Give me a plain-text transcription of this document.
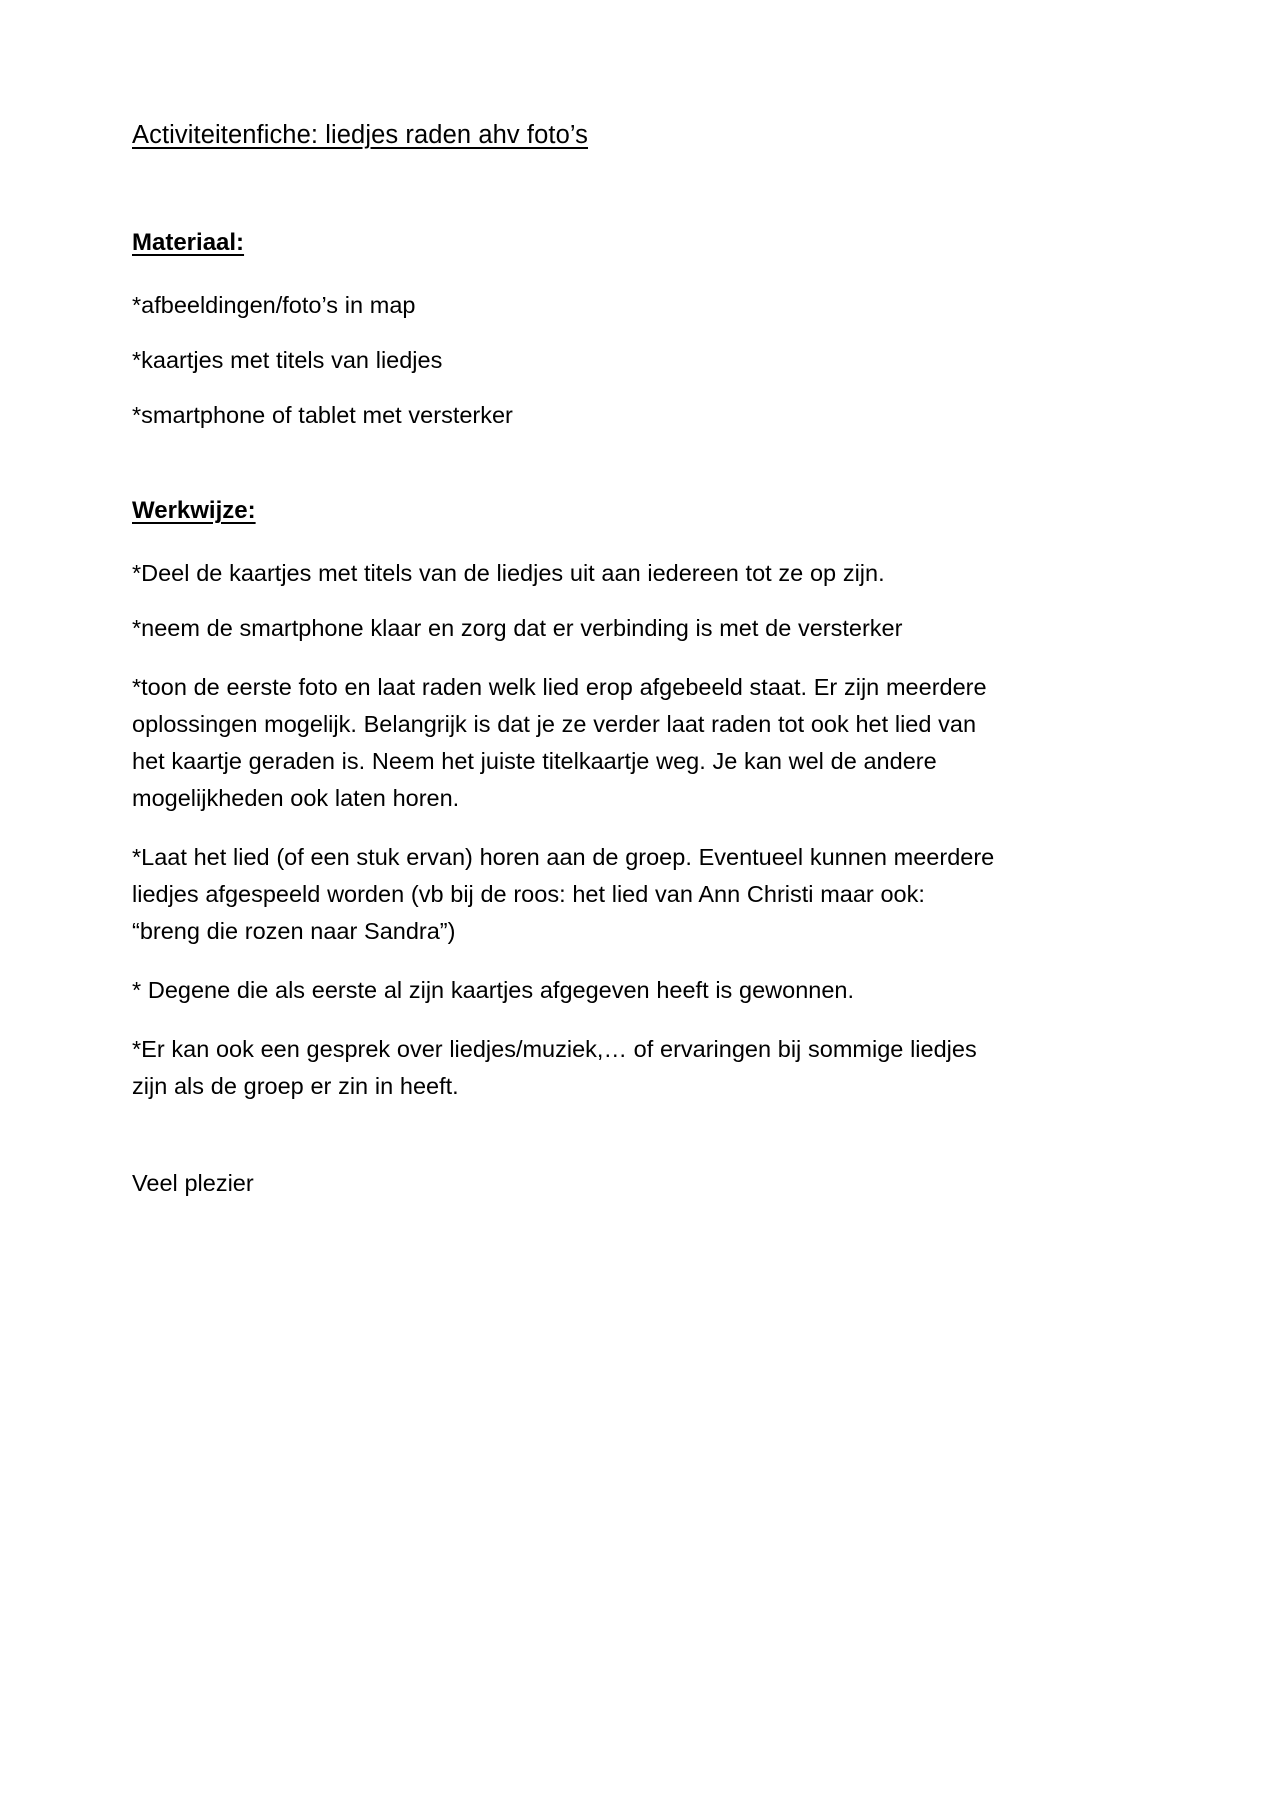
Activiteitenfiche: liedjes raden ahv foto’s

Materiaal:

*afbeeldingen/foto’s in map

*kaartjes met titels van liedjes

*smartphone of tablet met versterker

Werkwijze:

*Deel de kaartjes met titels van de liedjes uit aan iedereen tot ze op zijn.

*neem de smartphone klaar en zorg dat er verbinding is met de versterker

*toon de eerste foto en laat raden welk lied erop afgebeeld staat. Er zijn meerdere oplossingen mogelijk. Belangrijk is dat je ze verder laat raden tot ook het lied van het kaartje geraden is. Neem het juiste titelkaartje weg. Je kan wel de andere mogelijkheden ook laten horen.

*Laat het lied (of een stuk ervan) horen aan de groep. Eventueel kunnen meerdere liedjes afgespeeld worden (vb bij de roos: het lied van Ann Christi maar ook: “breng die rozen naar Sandra”)

* Degene die als eerste al zijn kaartjes afgegeven heeft is gewonnen.

*Er kan ook een gesprek over liedjes/muziek,… of ervaringen bij sommige liedjes zijn als de groep er zin in heeft.

Veel plezier
